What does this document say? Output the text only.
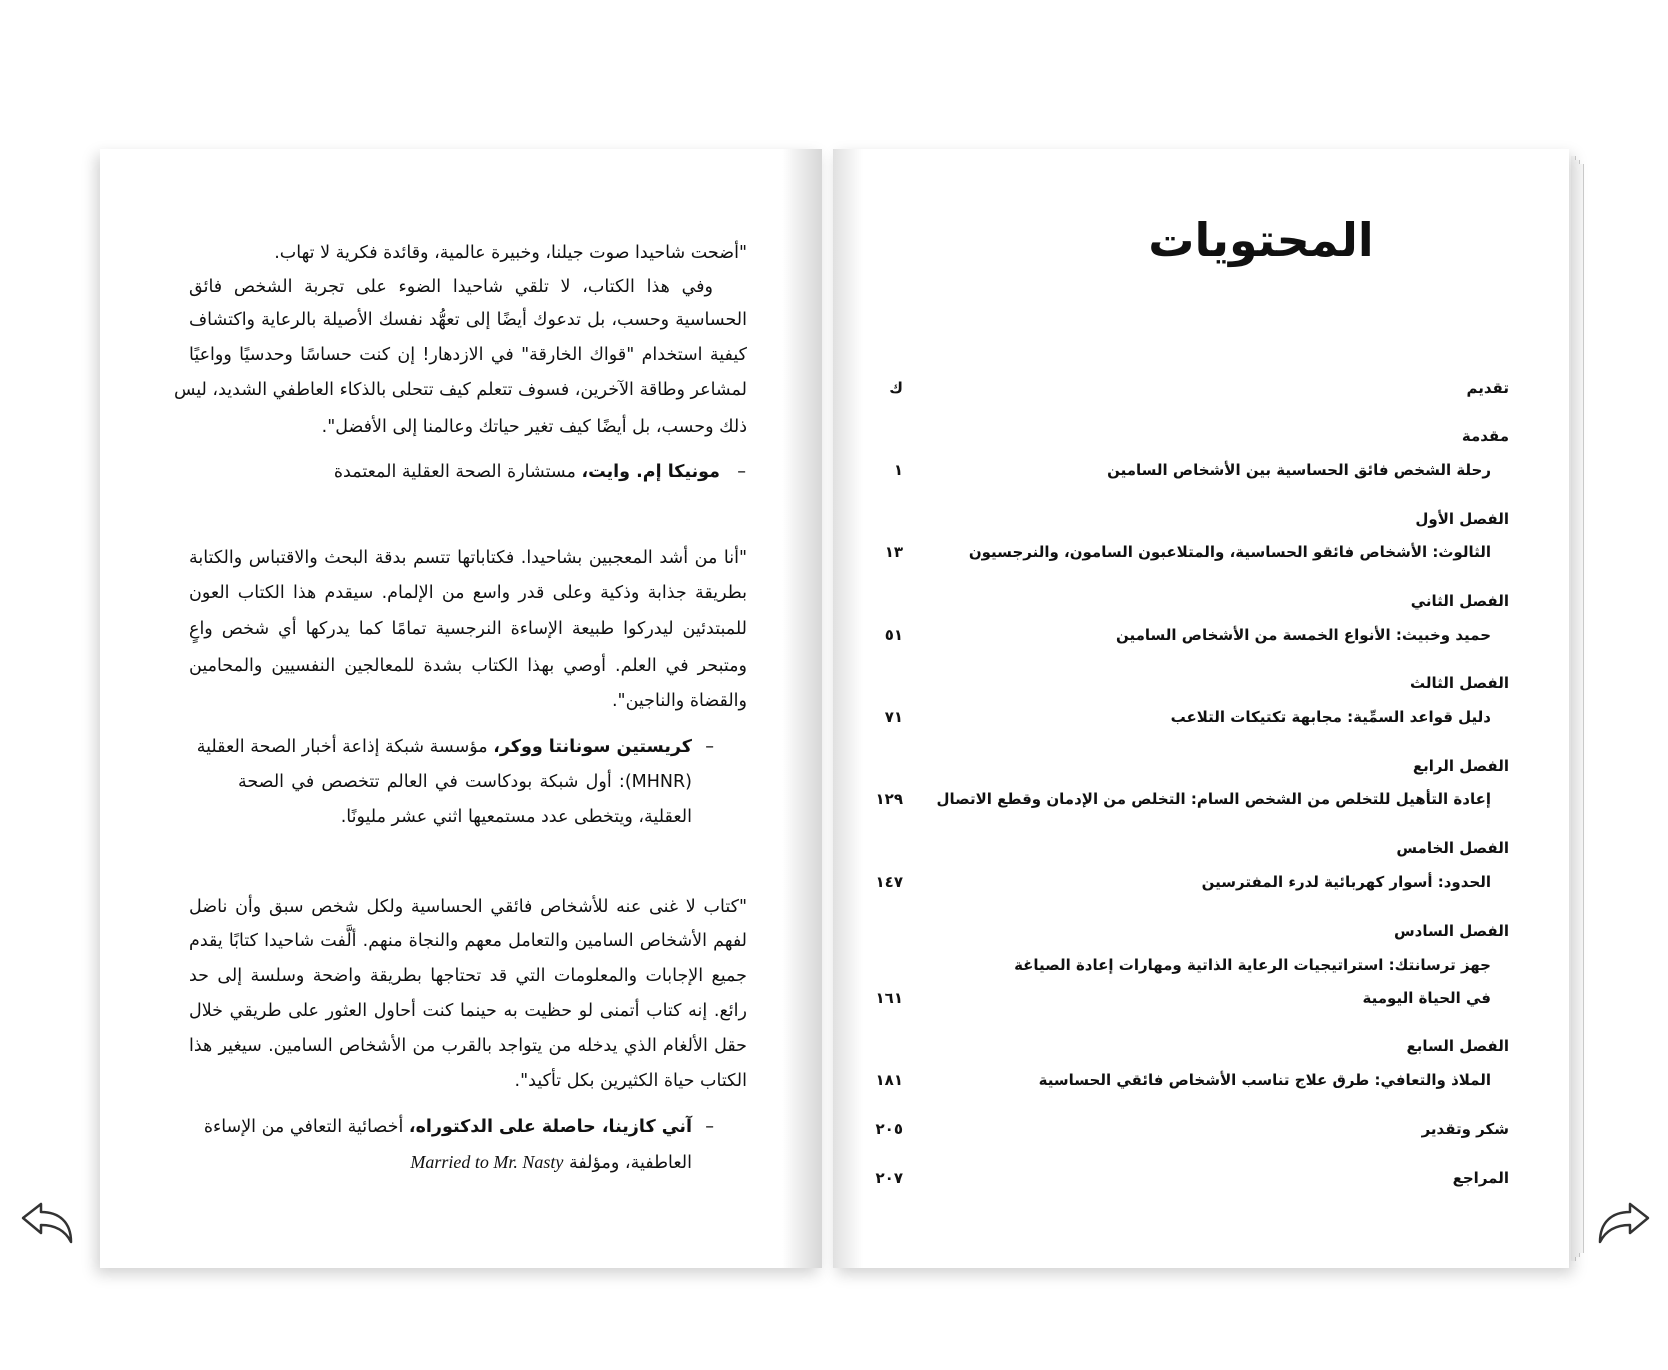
"أضحت شاحيدا صوت جيلنا، وخبيرة عالمية، وقائدة فكرية لا تهاب.
وفي هذا الكتاب، لا تلقي شاحيدا الضوء على تجربة الشخص فائق
الحساسية وحسب، بل تدعوك أيضًا إلى تعهُّد نفسك الأصيلة بالرعاية واكتشاف
كيفية استخدام "قواك الخارقة" في الازدهار! إن كنت حساسًا وحدسيًا وواعيًا
لمشاعر وطاقة الآخرين، فسوف تتعلم كيف تتحلى بالذكاء العاطفي الشديد، ليس
ذلك وحسب، بل أيضًا كيف تغير حياتك وعالمنا إلى الأفضل".
–
مونيكا إم. وايت، مستشارة الصحة العقلية المعتمدة
"أنا من أشد المعجبين بشاحيدا. فكتاباتها تتسم بدقة البحث والاقتباس والكتابة
بطريقة جذابة وذكية وعلى قدر واسع من الإلمام. سيقدم هذا الكتاب العون
للمبتدئين ليدركوا طبيعة الإساءة النرجسية تمامًا كما يدركها أي شخص واعٍ
ومتبحر في العلم. أوصي بهذا الكتاب بشدة للمعالجين النفسيين والمحامين
والقضاة والناجين".
–
كريستين سونانتا ووكر، مؤسسة شبكة إذاعة أخبار الصحة العقلية
(MHNR): أول شبكة بودكاست في العالم تتخصص في الصحة
العقلية، ويتخطى عدد مستمعيها اثني عشر مليونًا.
"كتاب لا غنى عنه للأشخاص فائقي الحساسية ولكل شخص سبق وأن ناضل
لفهم الأشخاص السامين والتعامل معهم والنجاة منهم. ألَّفت شاحيدا كتابًا يقدم
جميع الإجابات والمعلومات التي قد تحتاجها بطريقة واضحة وسلسة إلى حد
رائع. إنه كتاب أتمنى لو حظيت به حينما كنت أحاول العثور على طريقي خلال
حقل الألغام الذي يدخله من يتواجد بالقرب من الأشخاص السامين. سيغير هذا
الكتاب حياة الكثيرين بكل تأكيد".
–
آني كازينا، حاصلة على الدكتوراه، أخصائية التعافي من الإساءة
العاطفية، ومؤلفة Married to Mr. Nasty
المحتويات
تقديم
ك
مقدمة
رحلة الشخص فائق الحساسية بين الأشخاص السامين
١
الفصل الأول
الثالوث: الأشخاص فائقو الحساسية، والمتلاعبون السامون، والنرجسيون
١٣
الفصل الثاني
حميد وخبيث: الأنواع الخمسة من الأشخاص السامين
٥١
الفصل الثالث
دليل قواعد السمِّية: مجابهة تكتيكات التلاعب
٧١
الفصل الرابع
إعادة التأهيل للتخلص من الشخص السام: التخلص من الإدمان وقطع الاتصال
١٢٩
الفصل الخامس
الحدود: أسوار كهربائية لدرء المفترسين
١٤٧
الفصل السادس
جهز ترسانتك: استراتيجيات الرعاية الذاتية ومهارات إعادة الصياغة
في الحياة اليومية
١٦١
الفصل السابع
الملاذ والتعافي: طرق علاج تناسب الأشخاص فائقي الحساسية
١٨١
شكر وتقدير
٢٠٥
المراجع
٢٠٧
